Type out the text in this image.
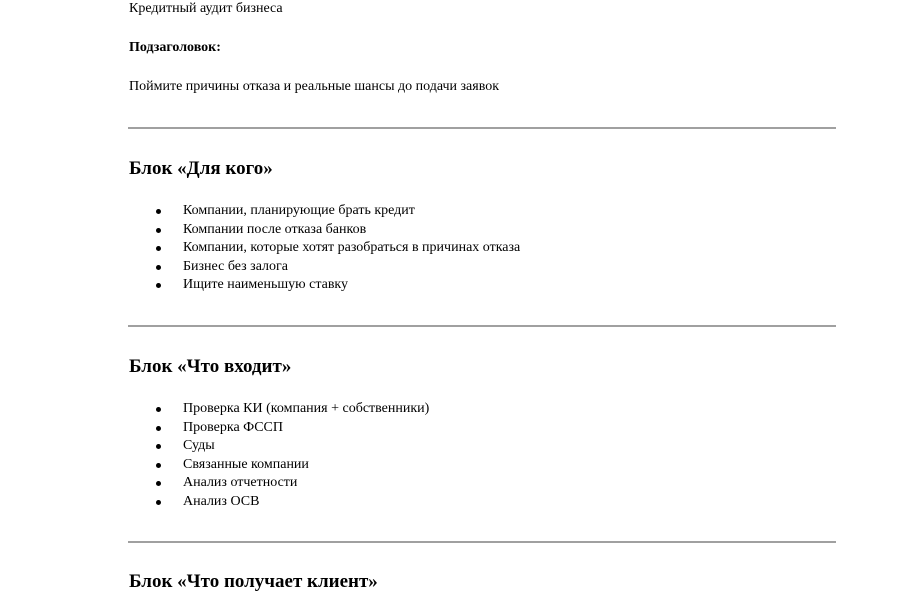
Кредитный аудит бизнеса

Подзаголовок:

Поймите причины отказа и реальные шансы до подачи заявок

Блок «Для кого»
Компании, планирующие брать кредит
Компании после отказа банков
Компании, которые хотят разобраться в причинах отказа
Бизнес без залога
Ищите наименьшую ставку
Блок «Что входит»
Проверка КИ (компания + собственники)
Проверка ФССП
Суды
Связанные компании
Анализ отчетности
Анализ ОСВ
Блок «Что получает клиент»
